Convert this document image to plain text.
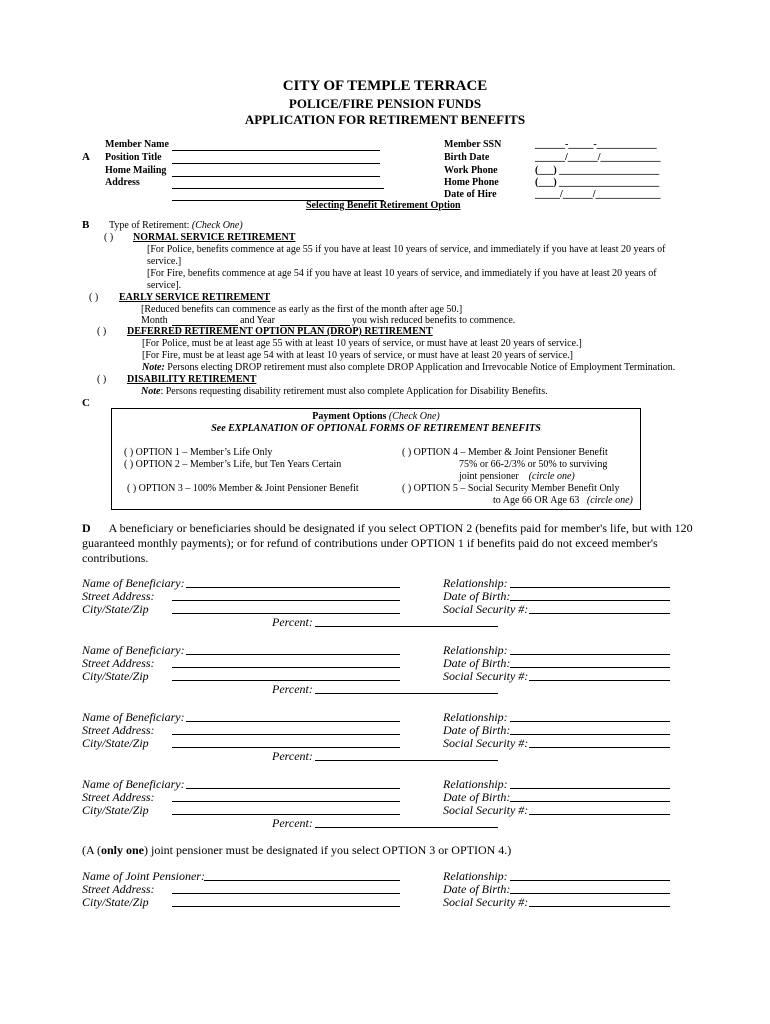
CITY OF TEMPLE TERRACE
POLICE/FIRE PENSION FUNDS
APPLICATION FOR RETIREMENT BENEFITS
A
Member Name
Position Title
Home Mailing
Address
Member SSN
Birth Date
Work Phone
Home Phone
Date of Hire
______-_____-____________
______/______/____________
(___) ____________________
(___) ____________________
_____/______/_____________
Selecting Benefit Retirement Option
B Type of Retirement: (Check One)
( ) NORMAL SERVICE RETIREMENT
[For Police, benefits commence at age 55 if you have at least 10 years of service, and immediately if you have at least 20 years of
service.]
[For Fire, benefits commence at age 54 if you have at least 10 years of service, and immediately if you have at least 20 years of
service].
( ) EARLY SERVICE RETIREMENT
[Reduced benefits can commence as early as the first of the month after age 50.]
Month	and Year	you wish reduced benefits to commence.
( ) DEFERRED RETIREMENT OPTION PLAN (DROP) RETIREMENT
[For Police, must be at least age 55 with at least 10 years of service, or must have at least 20 years of service.]
[For Fire, must be at least age 54 with at least 10 years of service, or must have at least 20 years of service.]
Note: Persons electing DROP retirement must also complete DROP Application and Irrevocable Notice of Employment Termination.
( ) DISABILITY RETIREMENT
Note: Persons requesting disability retirement must also complete Application for Disability Benefits.
C
Payment Options (Check One)
See EXPLANATION OF OPTIONAL FORMS OF RETIREMENT BENEFITS
( ) OPTION 1 – Member’s Life Only
( ) OPTION 2 – Member’s Life, but Ten Years Certain
( ) OPTION 3 – 100% Member & Joint Pensioner Benefit
( ) OPTION 4 – Member & Joint Pensioner Benefit
75% or 66-2/3% or 50% to surviving
joint pensioner (circle one)
( ) OPTION 5 – Social Security Member Benefit Only
to Age 66 OR Age 63 (circle one)
D A beneficiary or beneficiaries should be designated if you select OPTION 2 (benefits paid for member's life, but with 120
guaranteed monthly payments); or for refund of contributions under OPTION 1 if benefits paid do not exceed member's
contributions.
Name of Beneficiary:
Street Address:
City/State/Zip
Relationship:
Date of Birth:
Social Security #:
Percent:
Name of Beneficiary:
Street Address:
City/State/Zip
Relationship:
Date of Birth:
Social Security #:
Percent:
Name of Beneficiary:
Street Address:
City/State/Zip
Relationship:
Date of Birth:
Social Security #:
Percent:
Name of Beneficiary:
Street Address:
City/State/Zip
Relationship:
Date of Birth:
Social Security #:
Percent:
(A (only one) joint pensioner must be designated if you select OPTION 3 or OPTION 4.)
Name of Joint Pensioner:
Street Address:
City/State/Zip
Relationship:
Date of Birth:
Social Security #:
